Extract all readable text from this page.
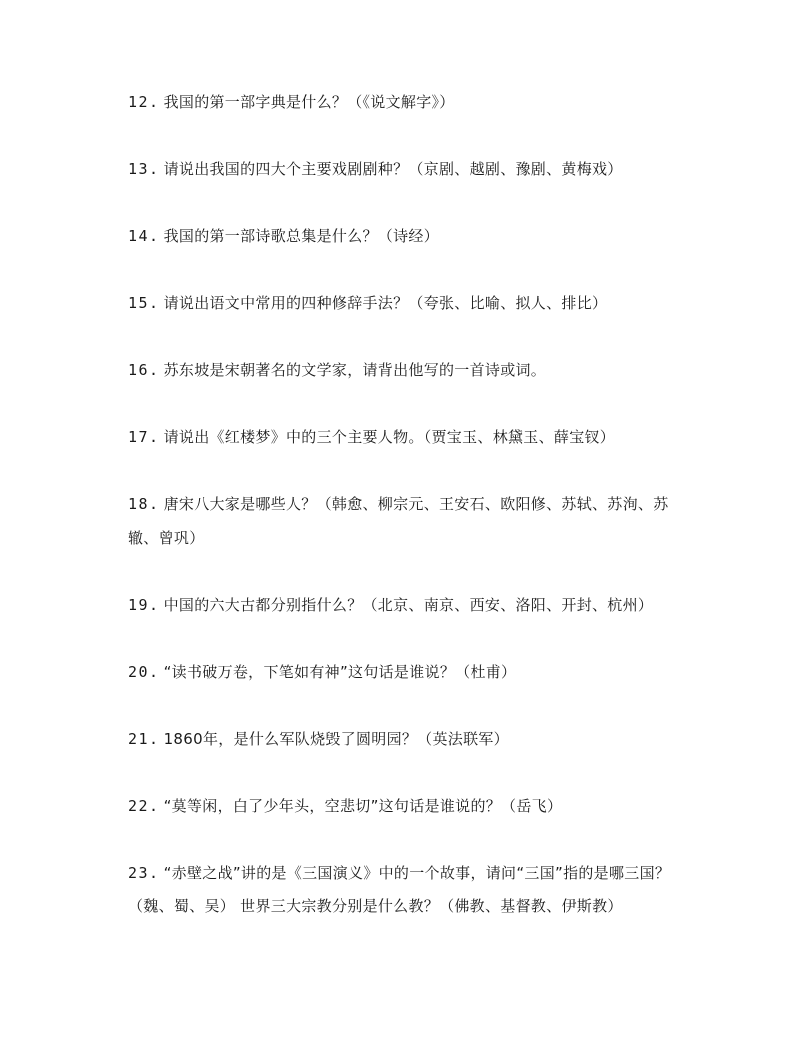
12. 我国的第一部字典是什么？（《说文解字》）

13. 请说出我国的四大个主要戏剧剧种？（京剧、越剧、豫剧、黄梅戏）

14. 我国的第一部诗歌总集是什么？（诗经）

15. 请说出语文中常用的四种修辞手法？（夸张、比喻、拟人、排比）

16. 苏东坡是宋朝著名的文学家，请背出他写的一首诗或词。

17. 请说出《红楼梦》中的三个主要人物。（贾宝玉、林黛玉、薛宝钗）

18. 唐宋八大家是哪些人？（韩愈、柳宗元、王安石、欧阳修、苏轼、苏洵、苏辙、曾巩）

19. 中国的六大古都分别指什么？（北京、南京、西安、洛阳、开封、杭州）

20. “读书破万卷，下笔如有神”这句话是谁说？（杜甫）

21. 1860年，是什么军队烧毁了圆明园？（英法联军）

22. “莫等闲，白了少年头，空悲切”这句话是谁说的？（岳飞）

23. “赤壁之战”讲的是《三国演义》中的一个故事，请问“三国”指的是哪三国？（魏、蜀、吴） 世界三大宗教分别是什么教？（佛教、基督教、伊斯教）
